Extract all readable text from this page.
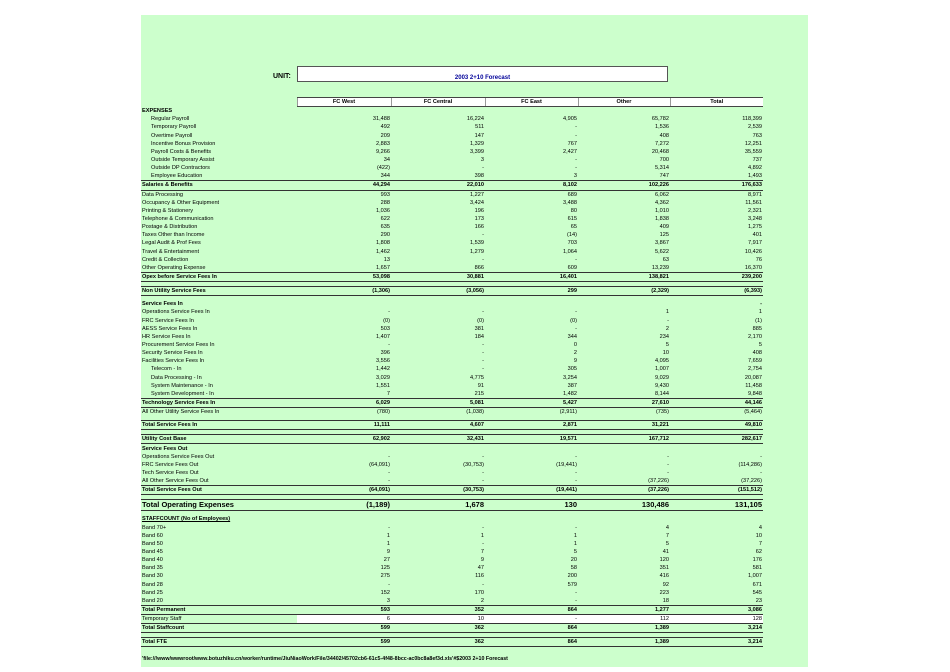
UNIT:	2003 2+10 Forecast
	FC West	FC Central	FC East	Other	Total
EXPENSES					
Regular Payroll	31,488	16,224	4,905	65,782	118,399
Temporary Payroll	492	511	-	1,536	2,539
Overtime Payroll	209	147	-	408	763
Incentive Bonus Provision	2,883	1,329	767	7,272	12,251
Payroll Costs & Benefits	9,266	3,399	2,427	20,468	35,559
Outside Temporary Assist	34	3	-	700	737
Outside DP Contractors	(422)	-	-	5,314	4,892
Employee Education	344	398	3	747	1,493
Salaries & Benefits	44,294	22,010	8,102	102,226	176,633
Data Processing	993	1,227	689	6,062	8,971
Occupancy & Other Equipment	288	3,424	3,488	4,362	11,561
Printing & Stationery	1,036	196	80	1,010	2,321
Telephone & Communication	622	173	615	1,838	3,248
Postage & Distribution	635	166	65	409	1,275
Taxes Other than Income	290	-	(14)	125	401
Legal Audit & Prof Fees	1,808	1,539	703	3,867	7,917
Travel & Entertainment	1,462	1,279	1,064	5,622	10,426
Credit & Collection	13	-	-	63	76
Other Operating Expense	1,657	866	609	13,239	16,370
Opex before Service Fees In	53,098	30,881	16,401	138,821	239,200

Non Utility Service Fees	(1,306)	(3,056)	299	(2,329)	(6,393)

Service Fees In					-
Operations Service Fees In	-	-	-	1	1
FRC Service Fees In	(0)	(0)	(0)	-	(1)
AESS Service Fees In	503	381	-	2	885
HR Service Fees In	1,407	184	344	234	2,170
Procurement Service Fees In	-	-	0	5	5
Security Service Fees In	396	-	2	10	408
Facilities Service Fees In	3,556	-	9	4,095	7,659
Telecom - In	1,442	-	305	1,007	2,754
Data Processing - In	3,029	4,775	3,254	9,029	20,087
System Maintenance - In	1,551	91	387	9,430	11,458
System Development - In	7	215	1,482	8,144	9,848
Technology Service Fees In	6,029	5,081	5,427	27,610	44,146
All Other Utility Service Fees In	(780)	(1,038)	(2,911)	(735)	(5,464)

Total Service Fees In	11,111	4,607	2,871	31,221	49,810

Utility Cost Base	62,902	32,431	19,571	167,712	282,617
Service Fees Out					
Operations Service Fees Out	-	-	-	-	-
FRC Service Fees Out	(64,091)	(30,753)	(19,441)	-	(114,286)
Tech Service Fees Out	-	-	-	-	-
All Other Service Fees Out	-	-	-	(37,226)	(37,226)
Total Service Fees Out	(64,091)	(30,753)	(19,441)	(37,226)	(151,512)

Total Operating Expenses	(1,189)	1,678	130	130,486	131,105

STAFFCOUNT (No of Employees)					
Band 70+	-	-	-	4	4
Band 60	1	1	1	7	10
Band 50	1	-	1	5	7
Band 45	9	7	5	41	62
Band 40	27	9	20	120	176
Band 35	125	47	58	351	581
Band 30	275	116	200	416	1,007
Band 28	-	-	579	92	671
Band 25	152	170	-	223	545
Band 20	3	2	-	18	23
Total Permanent	593	352	864	1,277	3,086
Temporary Staff	6	10	-	112	128
Total Staffcount	599	362	864	1,389	3,214

Total FTE	599	362	864	1,389	3,214
'file:///www/wwwroot/www.botuzhiku.cn/worker/runtime/JiuNiaoWork/File/34402/45702cb6-61c5-4f48-8bcc-ac0bc8a8ef3d.xls'#$2003 2+10 Forecast
